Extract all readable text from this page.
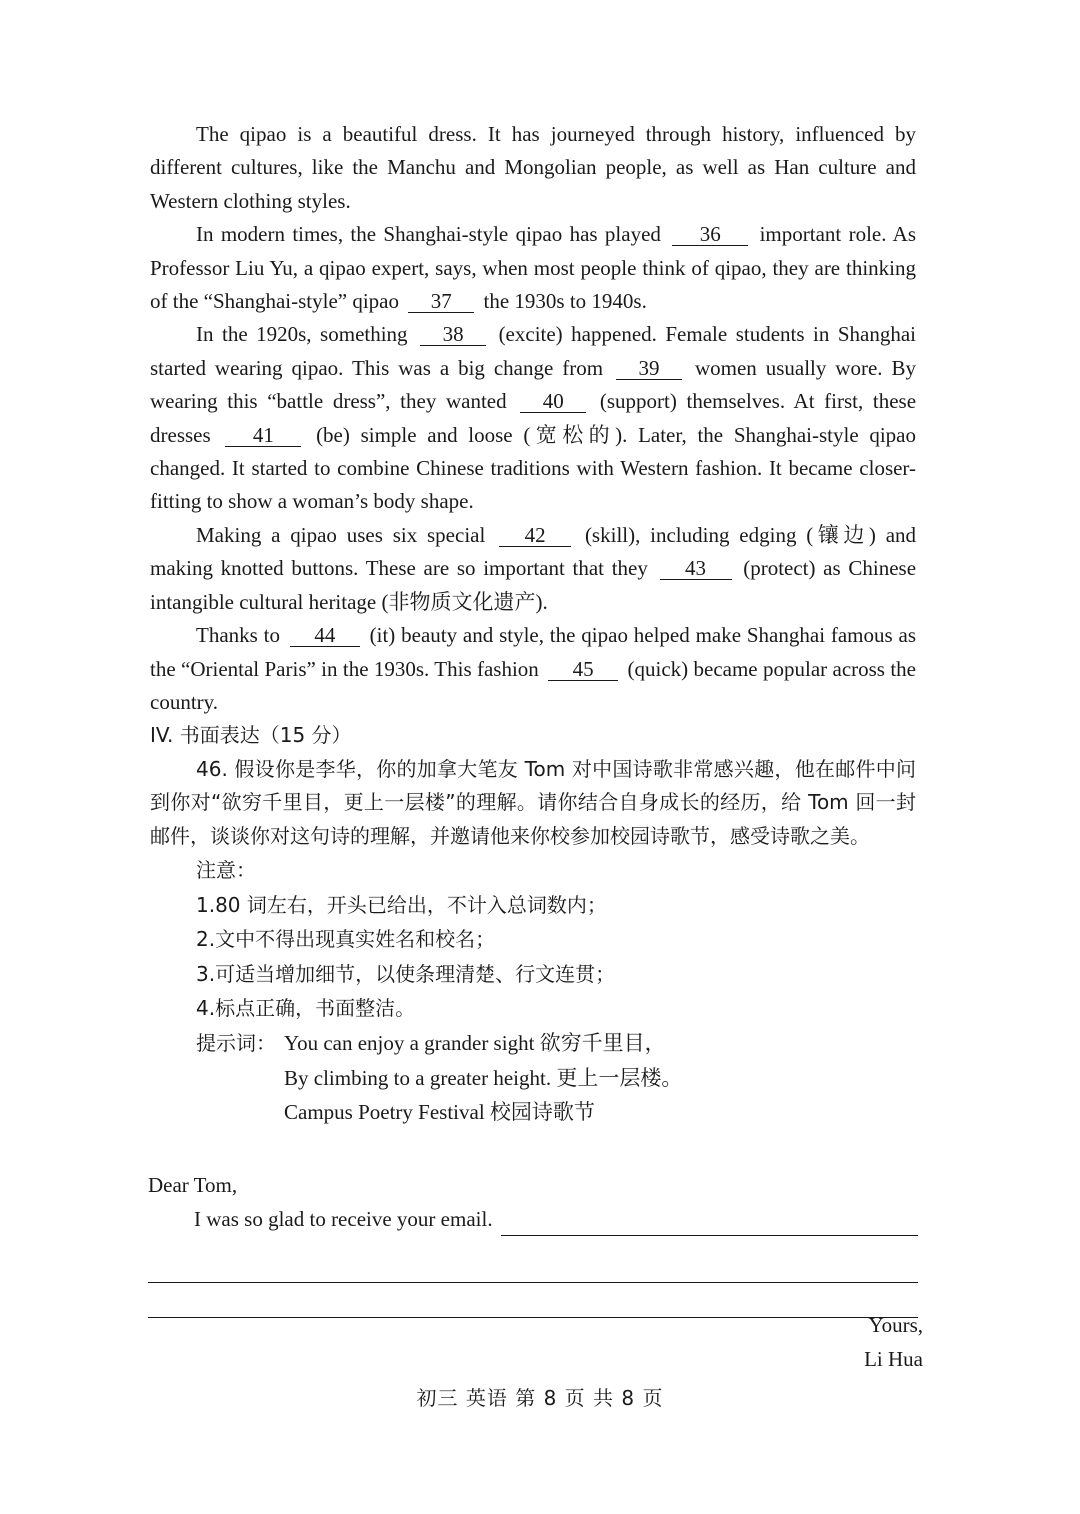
The qipao is a beautiful dress. It has journeyed through history, influenced by different cultures, like the Manchu and Mongolian people, as well as Han culture and Western clothing styles.

In modern times, the Shanghai-style qipao has played 36 important role. As Professor Liu Yu, a qipao expert, says, when most people think of qipao, they are thinking of the “Shanghai-style” qipao 37 the 1930s to 1940s.

In the 1920s, something 38 (excite) happened. Female students in Shanghai started wearing qipao. This was a big change from 39 women usually wore. By wearing this “battle dress”, they wanted 40 (support) themselves. At first, these dresses 41 (be) simple and loose (宽松的). Later, the Shanghai-style qipao changed. It started to combine Chinese traditions with Western fashion. It became closer-fitting to show a woman’s body shape.

Making a qipao uses six special 42 (skill), including edging (镶边) and making knotted buttons. These are so important that they 43 (protect) as Chinese intangible cultural heritage (非物质文化遗产).

Thanks to 44 (it) beauty and style, the qipao helped make Shanghai famous as the “Oriental Paris” in the 1930s. This fashion 45 (quick) became popular across the country.

IV. 书面表达（15 分）

46. 假设你是李华，你的加拿大笔友 Tom 对中国诗歌非常感兴趣，他在邮件中问到你对“欲穷千里目，更上一层楼”的理解。请你结合自身成长的经历，给 Tom 回一封邮件，谈谈你对这句诗的理解，并邀请他来你校参加校园诗歌节，感受诗歌之美。

注意：
1.80 词左右，开头已给出，不计入总词数内；
2.文中不得出现真实姓名和校名；
3.可适当增加细节，以使条理清楚、行文连贯；
4.标点正确，书面整洁。
提示词： You can enjoy a grander sight 欲穷千里目，
By climbing to a greater height. 更上一层楼。
Campus Poetry Festival 校园诗歌节

Dear Tom,

I was so glad to receive your email.
Yours,
Li Hua
初三 英语 第 8 页 共 8 页
